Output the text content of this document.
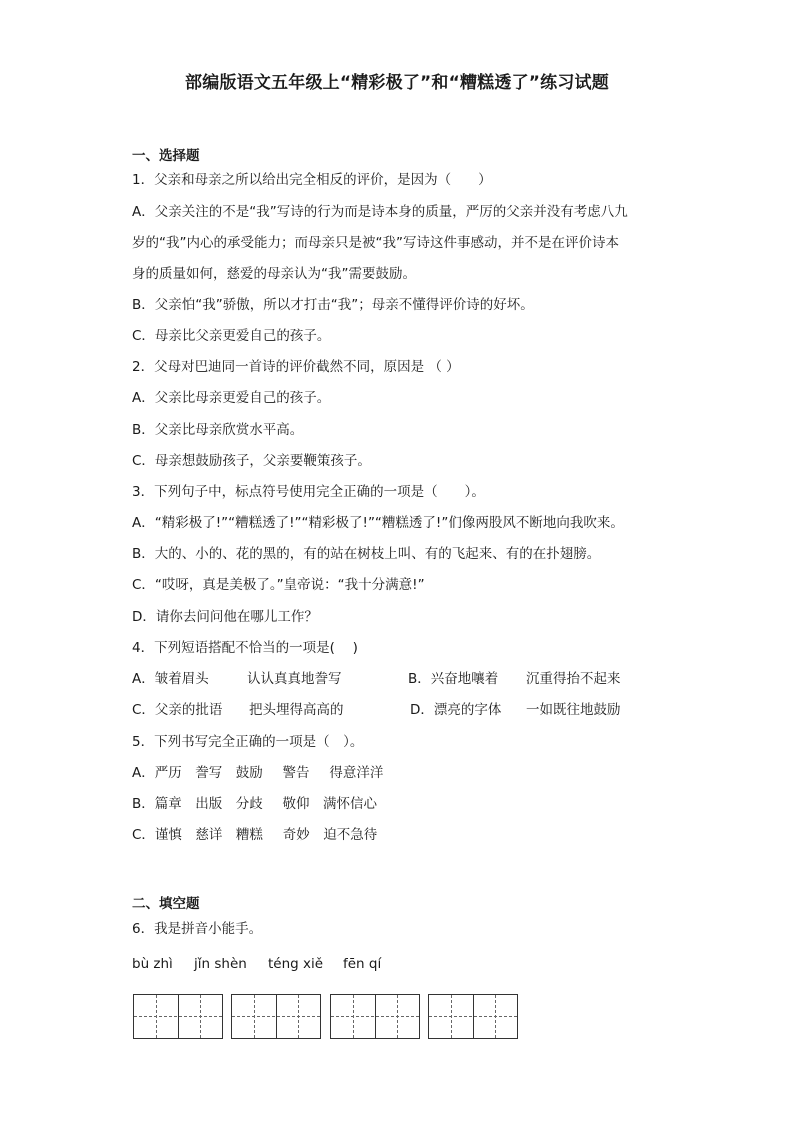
部编版语文五年级上“精彩极了”和“糟糕透了”练习试题
一、选择题
1．父亲和母亲之所以给出完全相反的评价，是因为（　　）
A．父亲关注的不是“我”写诗的行为而是诗本身的质量，严厉的父亲并没有考虑八九
岁的“我”内心的承受能力；而母亲只是被“我”写诗这件事感动，并不是在评价诗本
身的质量如何，慈爱的母亲认为“我”需要鼓励。
B．父亲怕“我”骄傲，所以才打击“我”；母亲不懂得评价诗的好坏。
C．母亲比父亲更爱自己的孩子。
2．父母对巴迪同一首诗的评价截然不同，原因是 （ ）
A．父亲比母亲更爱自己的孩子。
B．父亲比母亲欣赏水平高。
C．母亲想鼓励孩子，父亲要鞭策孩子。
3．下列句子中，标点符号使用完全正确的一项是（　　）。
A．“精彩极了!”“糟糕透了!”“精彩极了!”“糟糕透了!”们像两股风不断地向我吹来。
B．大的、小的、花的黑的，有的站在树枝上叫、有的飞起来、有的在扑翅膀。
C．“哎呀，真是美极了。”皇帝说：“我十分满意!”
D．请你去问问他在哪儿工作？
4．下列短语搭配不恰当的一项是(　 )
A．皱着眉头	认认真真地誊写	B．兴奋地嚷着 沉重得抬不起来
C．父亲的批语 把头埋得高高的	D．漂亮的字体 一如既往地鼓励
5．下列书写完全正确的一项是（　）。
A．严历　誊写　鼓励　 警告　 得意洋洋
B．篇章　出版　分歧　 敬仰　满怀信心
C．谨慎　慈详　糟糕　 奇妙　迫不急待
二、填空题
6．我是拼音小能手。
bù zhì jǐn shèn téng xiě fēn qí
